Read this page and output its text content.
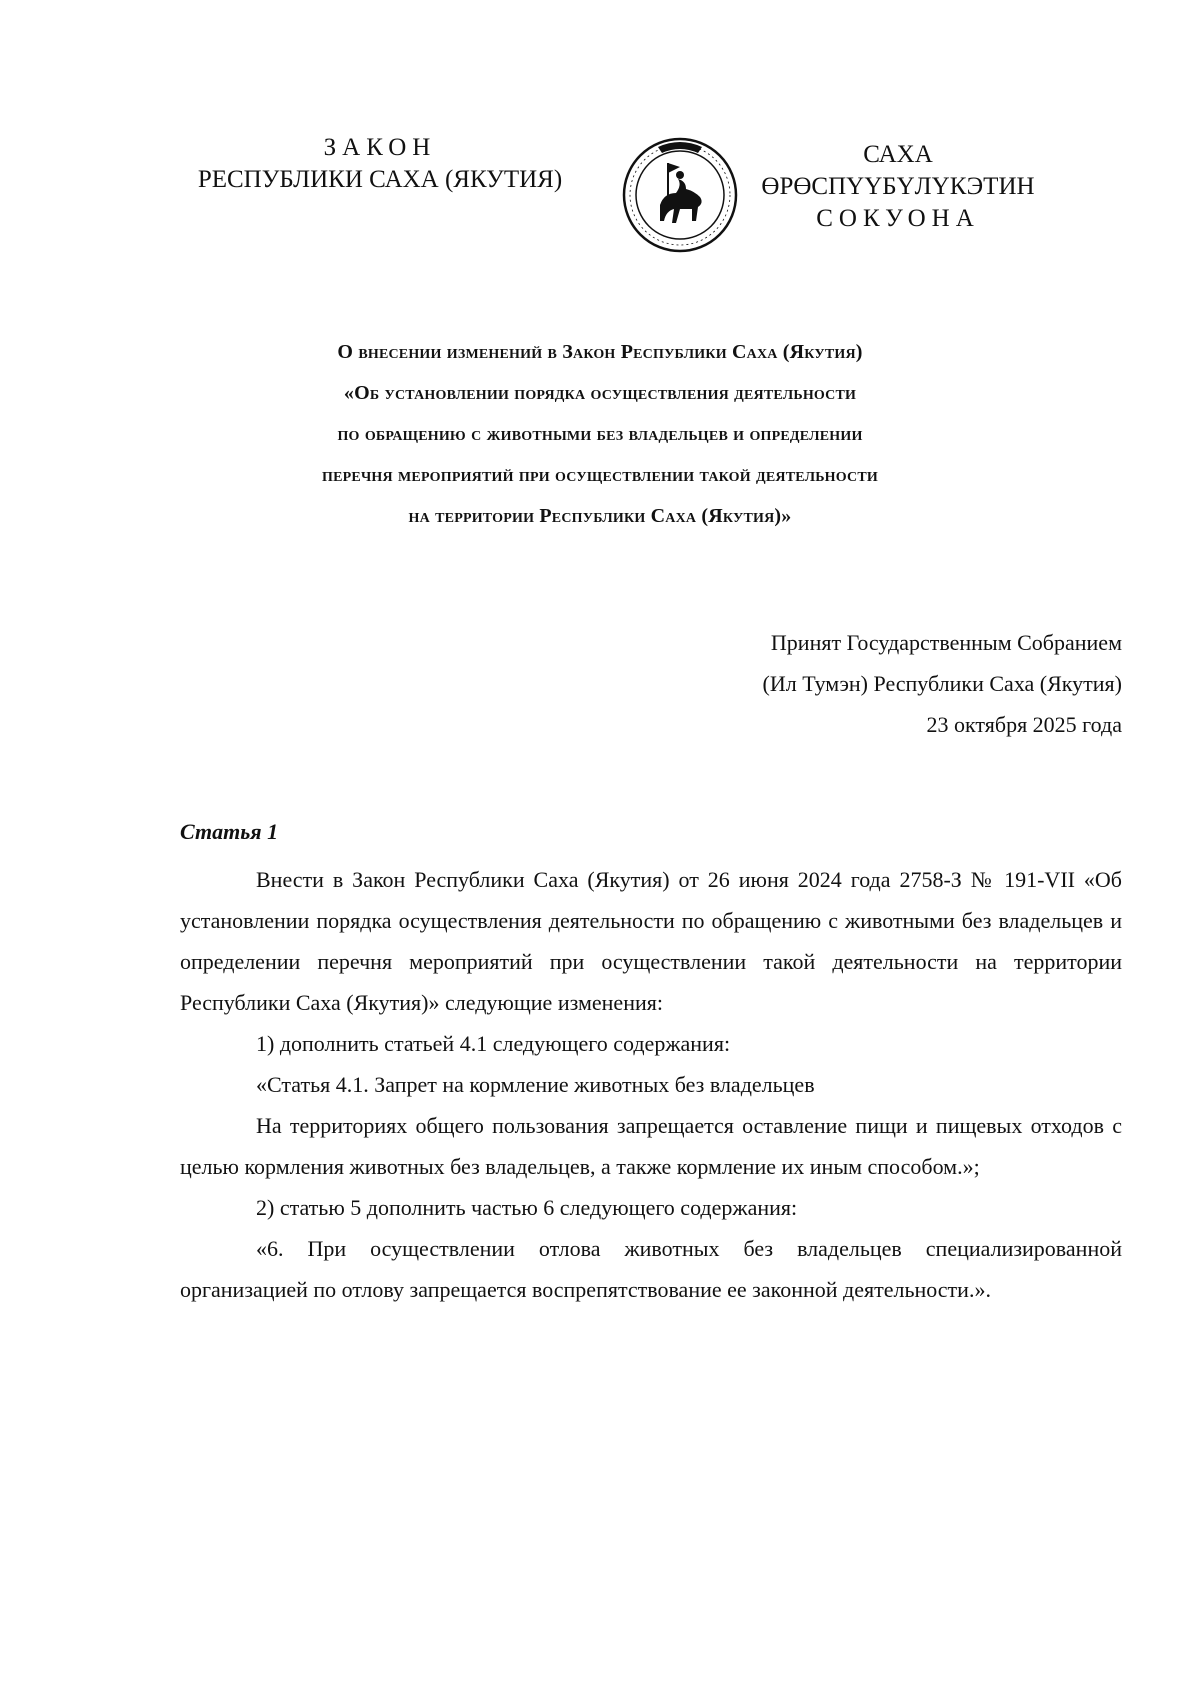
ЗАКОН
РЕСПУБЛИКИ САХА (ЯКУТИЯ)
САХА ӨРӨСПҮҮБҮЛҮКЭТИН
СОКУОНА
О внесении изменений в Закон Республики Саха (Якутия)
«Об установлении порядка осуществления деятельности
по обращению с животными без владельцев и определении
перечня мероприятий при осуществлении такой деятельности
на территории Республики Саха (Якутия)»
Принят Государственным Собранием
(Ил Тумэн) Республики Саха (Якутия)
23 октября 2025 года
Статья 1

Внести в Закон Республики Саха (Якутия) от 26 июня 2024 года 2758-З № 191-VII «Об установлении порядка осуществления деятельности по обращению с животными без владельцев и определении перечня мероприятий при осуществлении такой деятельности на территории Республики Саха (Якутия)» следующие изменения:

1) дополнить статьей 4.1 следующего содержания:

«Статья 4.1. Запрет на кормление животных без владельцев

На территориях общего пользования запрещается оставление пищи и пищевых отходов с целью кормления животных без владельцев, а также кормление их иным способом.»;

2) статью 5 дополнить частью 6 следующего содержания:

«6. При осуществлении отлова животных без владельцев специализированной организацией по отлову запрещается воспрепятствование ее законной деятельности.».
